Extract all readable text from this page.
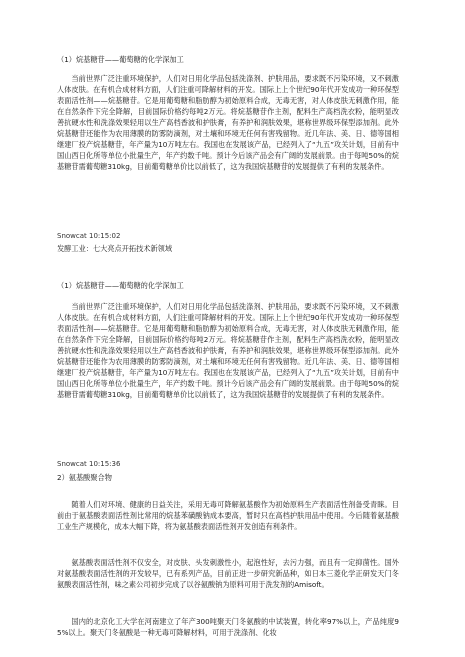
（1）烷基糖苷——葡萄糖的化学深加工
当前世界广泛注重环境保护，人们对日用化学品包括洗涤剂、护肤用品，要求既不污染环境，又不刺激人体皮肤。在有机合成材料方面，人们注重可降解材料的开发。国际上上个世纪90年代开发成功一种环保型表面活性剂——烷基糖苷。它是用葡萄糖和脂肪醇为初始原料合成，无毒无害，对人体皮肤无刺激作用，能在自然条件下完全降解，目前国际价格约每吨2万元。将烷基糖苷作主剂，配料生产高档洗衣粉，能明显改善抗硬水性和洗涤效果轻用以生产高档香波和护肤膏，有养护和润肤效果，堪称世界级环保型添加剂。此外烷基糖苷还能作为农用薄膜的防雾防滴剂，对土壤和环境无任何有害残留物。近几年法、美、日、德等国相继建厂投产烷基糖苷，年产量为10万吨左右。我国也在发展该产品，已经列入了“九五”攻关计划，目前有中国山西日化所等单位小批量生产，年产约数千吨。预计今后该产品会有广阔的发展前景。由于每吨50%的烷基糖苷需葡萄糖310kg，目前葡萄糖单价比以前低了，这为我国烷基糖苷的发展提供了有利的发展条件。
Snowcat 10:15:02
发酵工业：七大亮点开拓技术新领域
（1）烷基糖苷——葡萄糖的化学深加工
当前世界广泛注重环境保护，人们对日用化学品包括洗涤剂、护肤用品，要求既不污染环境，又不刺激人体皮肤。在有机合成材料方面，人们注重可降解材料的开发。国际上上个世纪90年代开发成功一种环保型表面活性剂——烷基糖苷。它是用葡萄糖和脂肪醇为初始原料合成，无毒无害，对人体皮肤无刺激作用，能在自然条件下完全降解，目前国际价格约每吨2万元。将烷基糖苷作主剂，配料生产高档洗衣粉，能明显改善抗硬水性和洗涤效果轻用以生产高档香波和护肤膏，有养护和润肤效果，堪称世界级环保型添加剂。此外烷基糖苷还能作为农用薄膜的防雾防滴剂，对土壤和环境无任何有害残留物。近几年法、美、日、德等国相继建厂投产烷基糖苷，年产量为10万吨左右。我国也在发展该产品，已经列入了“九五”攻关计划，目前有中国山西日化所等单位小批量生产，年产约数千吨。预计今后该产品会有广阔的发展前景。由于每吨50%的烷基糖苷需葡萄糖310kg，目前葡萄糖单价比以前低了，这为我国烷基糖苷的发展提供了有利的发展条件。
Snowcat 10:15:36
2）氨基酸聚合物
随着人们对环境、健康的日益关注，采用无毒可降解氨基酸作为初始原料生产表面活性剂备受青睐。目前由于氨基酸表面活性剂比常用的烷基苯磺酸钠成本要高，暂时只在高档护肤用品中使用。今后随着氨基酸工业生产规模化，成本大幅下降，将为氨基酸表面活性剂开发创造有利条件。
氨基酸表面活性剂不仅安全，对皮肤、头发刺激性小，起泡性好，去污力强，而且有一定抑菌性。国外对氨基酸表面活性剂的开发较早，已有系列产品，目前正进一步研究新品种，如日本三菱化学正研发天门冬氨酸表面活性剂，味之素公司初步完成了以谷氨酸钠为原料可用于洗发剂的Amisoft。
国内的北京化工大学在河南建立了年产300吨聚天门冬氨酸的中试装置，转化率97%以上，产品纯度95%以上。聚天门冬氨酸是一种无毒可降解材料，可用于洗涤剂、化妆
